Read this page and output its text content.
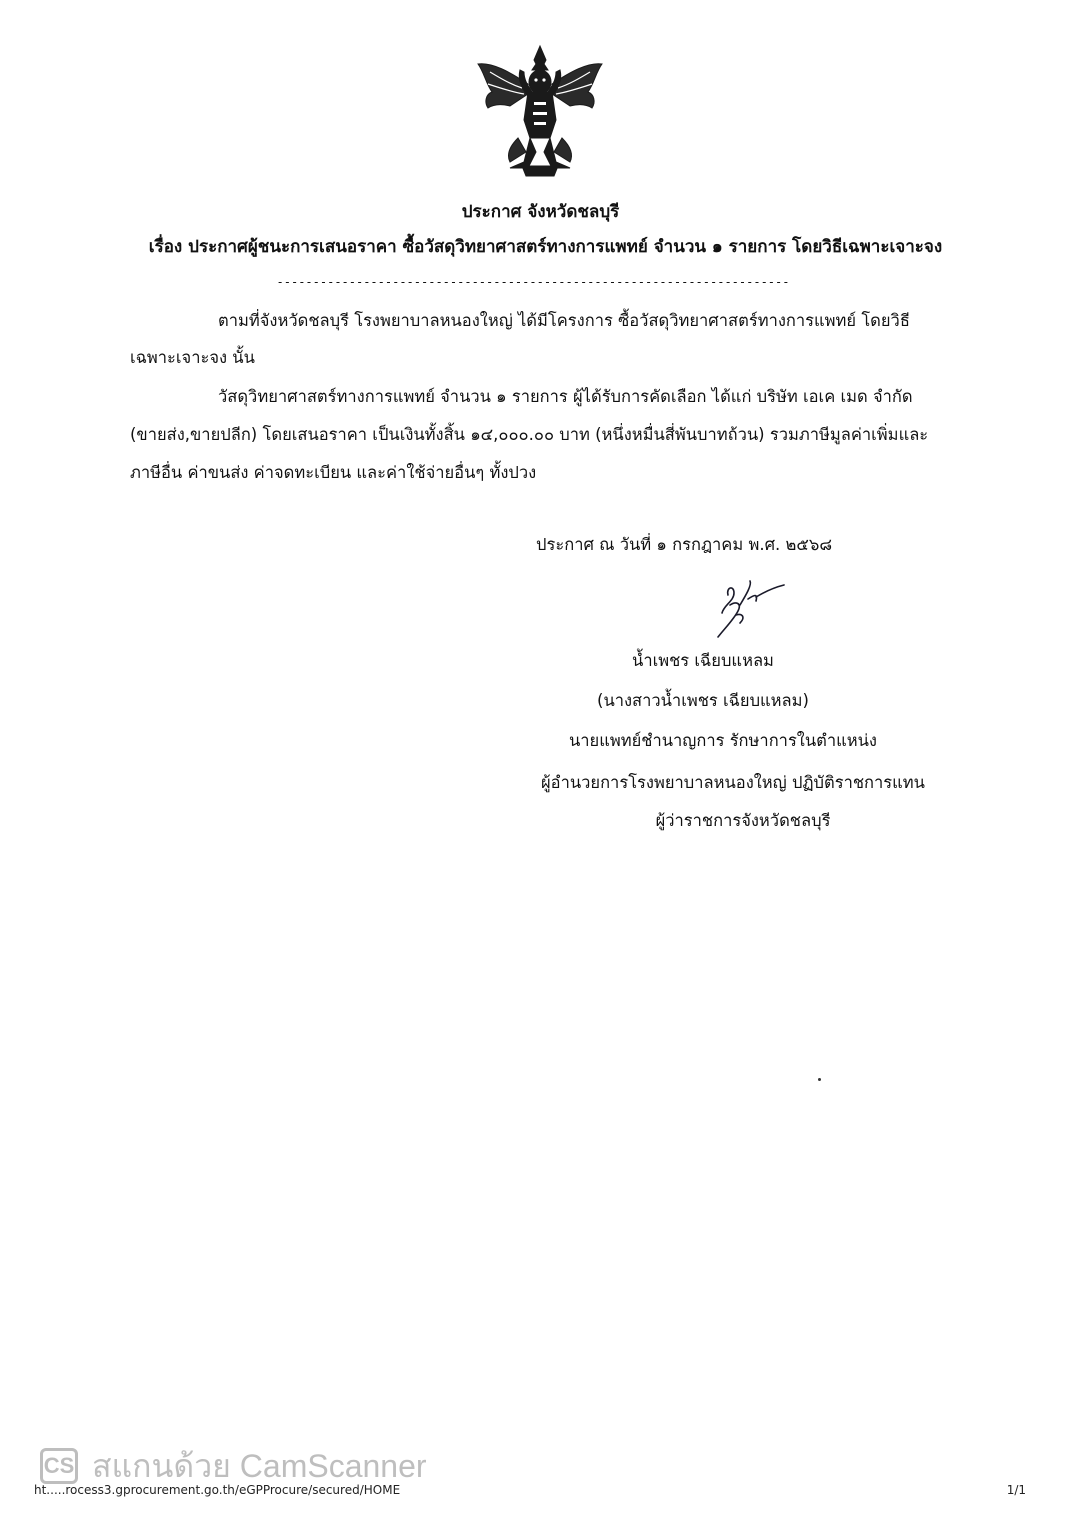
ประกาศ จังหวัดชลบุรี
เรื่อง ประกาศผู้ชนะการเสนอราคา ซื้อวัสดุวิทยาศาสตร์ทางการแพทย์ จำนวน ๑ รายการ โดยวิธีเฉพาะเจาะจง
-----------------------------------------------------------------------
ตามที่จังหวัดชลบุรี โรงพยาบาลหนองใหญ่ ได้มีโครงการ ซื้อวัสดุวิทยาศาสตร์ทางการแพทย์ โดยวิธี
เฉพาะเจาะจง นั้น
วัสดุวิทยาศาสตร์ทางการแพทย์ จำนวน ๑ รายการ ผู้ได้รับการคัดเลือก ได้แก่ บริษัท เอเค เมด จำกัด
(ขายส่ง,ขายปลีก) โดยเสนอราคา เป็นเงินทั้งสิ้น ๑๔,๐๐๐.๐๐ บาท (หนึ่งหมื่นสี่พันบาทถ้วน) รวมภาษีมูลค่าเพิ่มและ
ภาษีอื่น ค่าขนส่ง ค่าจดทะเบียน และค่าใช้จ่ายอื่นๆ ทั้งปวง
ประกาศ ณ วันที่ ๑ กรกฎาคม พ.ศ. ๒๕๖๘
น้ำเพชร เฉียบแหลม
(นางสาวน้ำเพชร เฉียบแหลม)
นายแพทย์ชำนาญการ รักษาการในตำแหน่ง
ผู้อำนวยการโรงพยาบาลหนองใหญ่ ปฏิบัติราชการแทน
ผู้ว่าราชการจังหวัดชลบุรี
CS สแกนด้วย CamScanner
ht.....rocess3.gprocurement.go.th/eGPProcure/secured/HOME	1/1
